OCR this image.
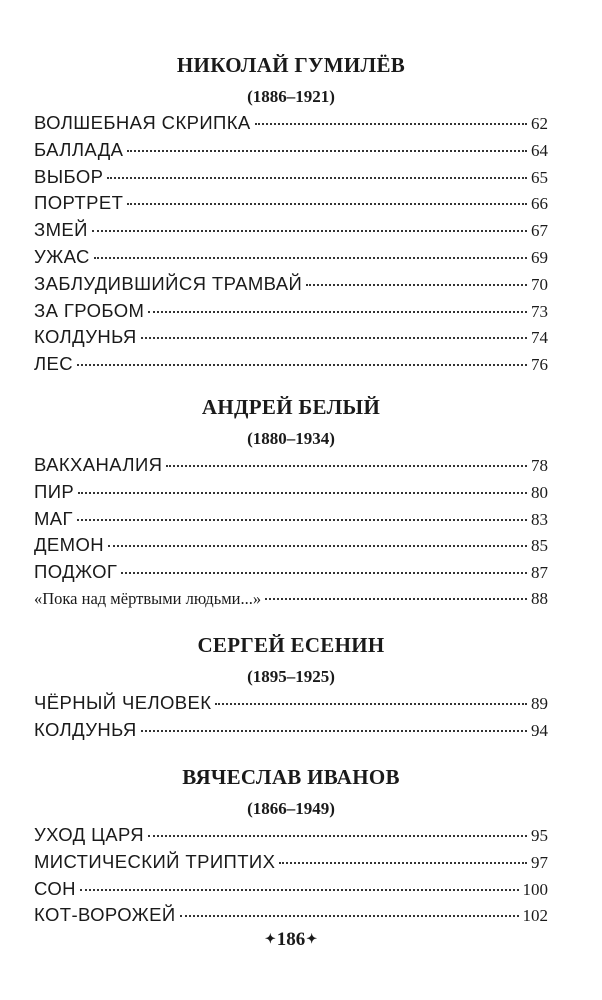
НИКОЛАЙ ГУМИЛЁВ
(1886–1921)
ВОЛШЕБНАЯ СКРИПКА	62
БАЛЛАДА	64
ВЫБОР	65
ПОРТРЕТ	66
ЗМЕЙ	67
УЖАС	69
ЗАБЛУДИВШИЙСЯ ТРАМВАЙ	70
ЗА ГРОБОМ	73
КОЛДУНЬЯ	74
ЛЕС	76
АНДРЕЙ БЕЛЫЙ
(1880–1934)
ВАКХАНАЛИЯ	78
ПИР	80
МАГ	83
ДЕМОН	85
ПОДЖОГ	87
«Пока над мёртвыми людьми...»	88
СЕРГЕЙ ЕСЕНИН
(1895–1925)
ЧЁРНЫЙ ЧЕЛОВЕК	89
КОЛДУНЬЯ	94
ВЯЧЕСЛАВ ИВАНОВ
(1866–1949)
УХОД ЦАРЯ	95
МИСТИЧЕСКИЙ ТРИПТИХ	97
СОН	100
КОТ-ВОРОЖЕЙ	102
✦186✦
